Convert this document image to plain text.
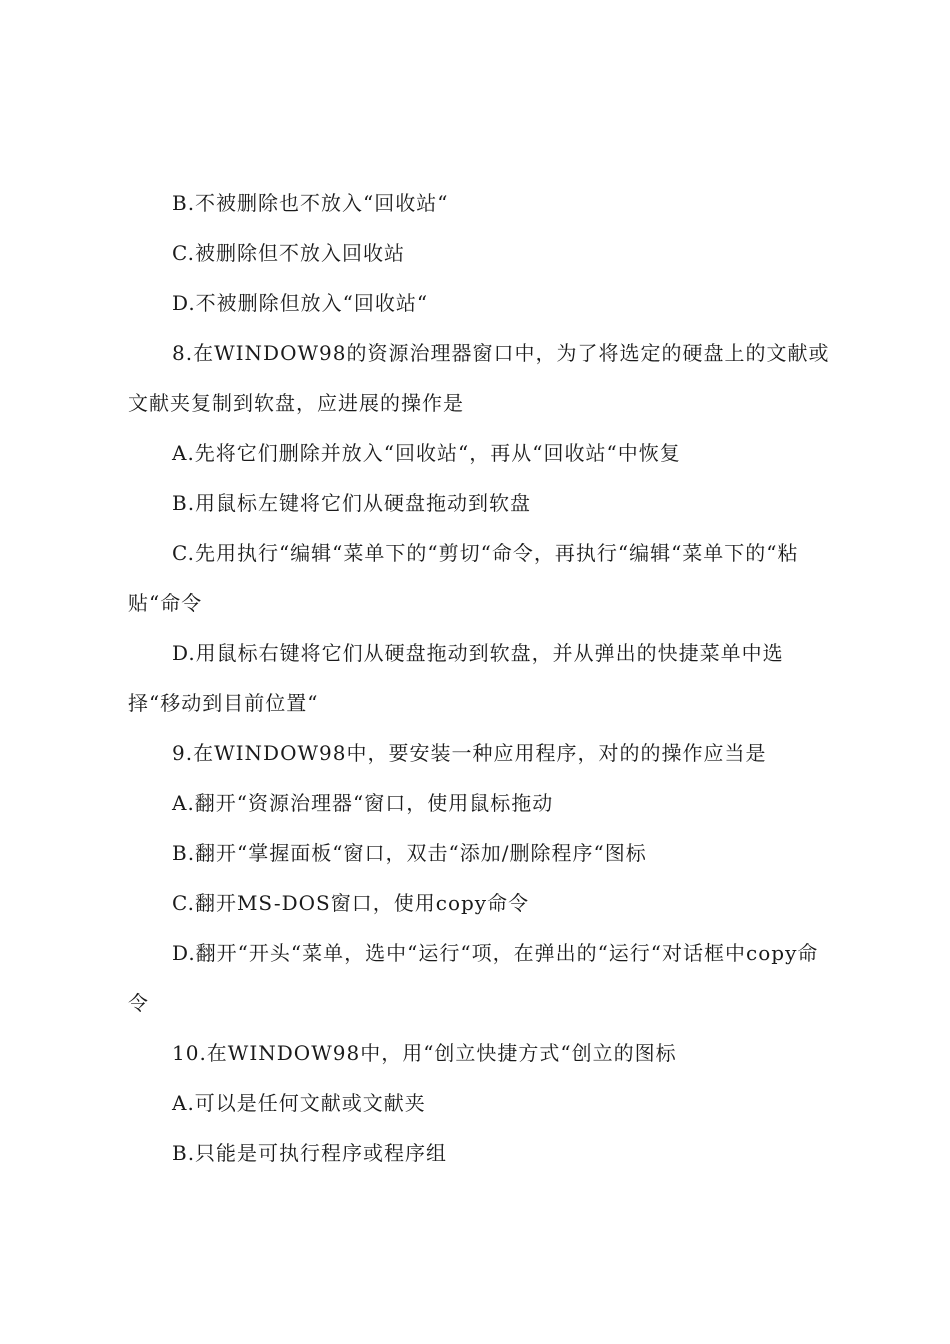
B.不被删除也不放入“回收站“

C.被删除但不放入回收站

D.不被删除但放入“回收站“

8.在WINDOW98的资源治理器窗口中，为了将选定的硬盘上的文献或文献夹复制到软盘，应进展的操作是

A.先将它们删除并放入“回收站“，再从“回收站“中恢复

B.用鼠标左键将它们从硬盘拖动到软盘

C.先用执行“编辑“菜单下的“剪切“命令，再执行“编辑“菜单下的“粘贴“命令

D.用鼠标右键将它们从硬盘拖动到软盘，并从弹出的快捷菜单中选择“移动到目前位置“

9.在WINDOW98中，要安装一种应用程序，对的的操作应当是

A.翻开“资源治理器“窗口，使用鼠标拖动

B.翻开“掌握面板“窗口，双击“添加/删除程序“图标

C.翻开MS-DOS窗口，使用copy命令

D.翻开“开头“菜单，选中“运行“项，在弹出的“运行“对话框中copy命令

10.在WINDOW98中，用“创立快捷方式“创立的图标

A.可以是任何文献或文献夹

B.只能是可执行程序或程序组
